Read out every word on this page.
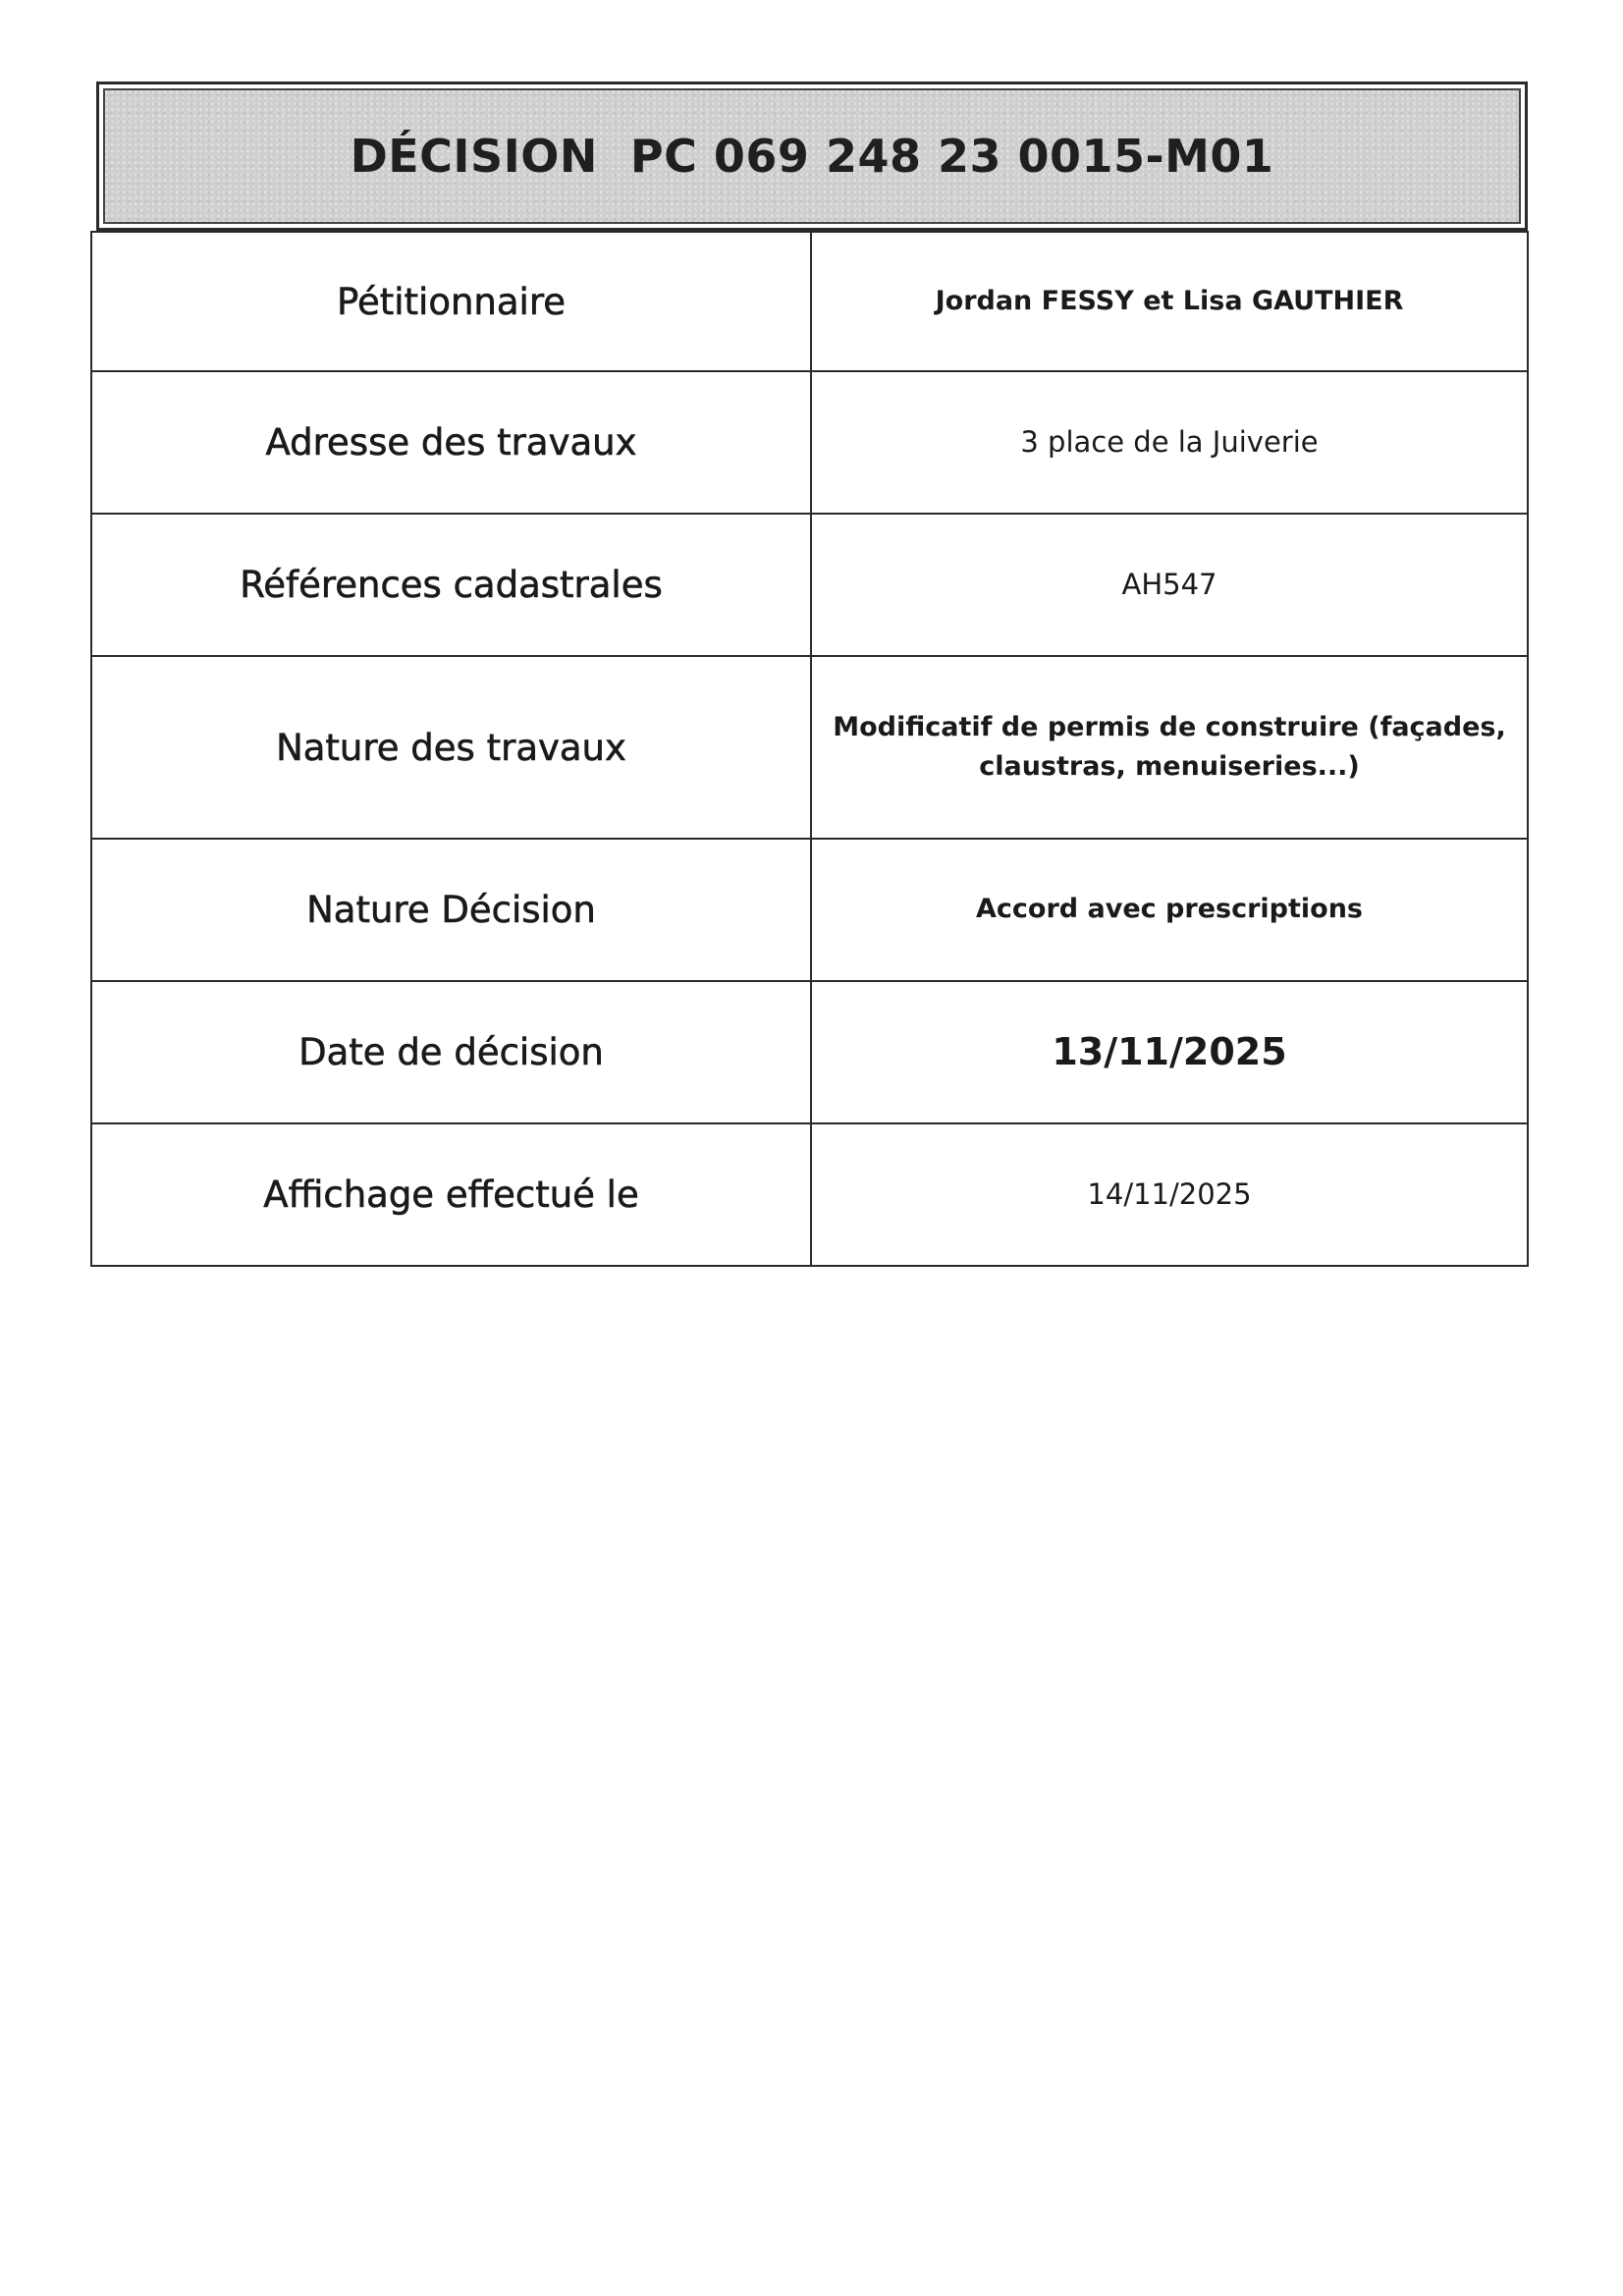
DÉCISION  PC 069 248 23 0015-M01
Pétitionnaire	Jordan FESSY et Lisa GAUTHIER
Adresse des travaux	3 place de la Juiverie
Références cadastrales	AH547
Nature des travaux	Modificatif de permis de construire (façades, claustras, menuiseries...)
Nature Décision	Accord avec prescriptions
Date de décision	13/11/2025
Affichage effectué le	14/11/2025
